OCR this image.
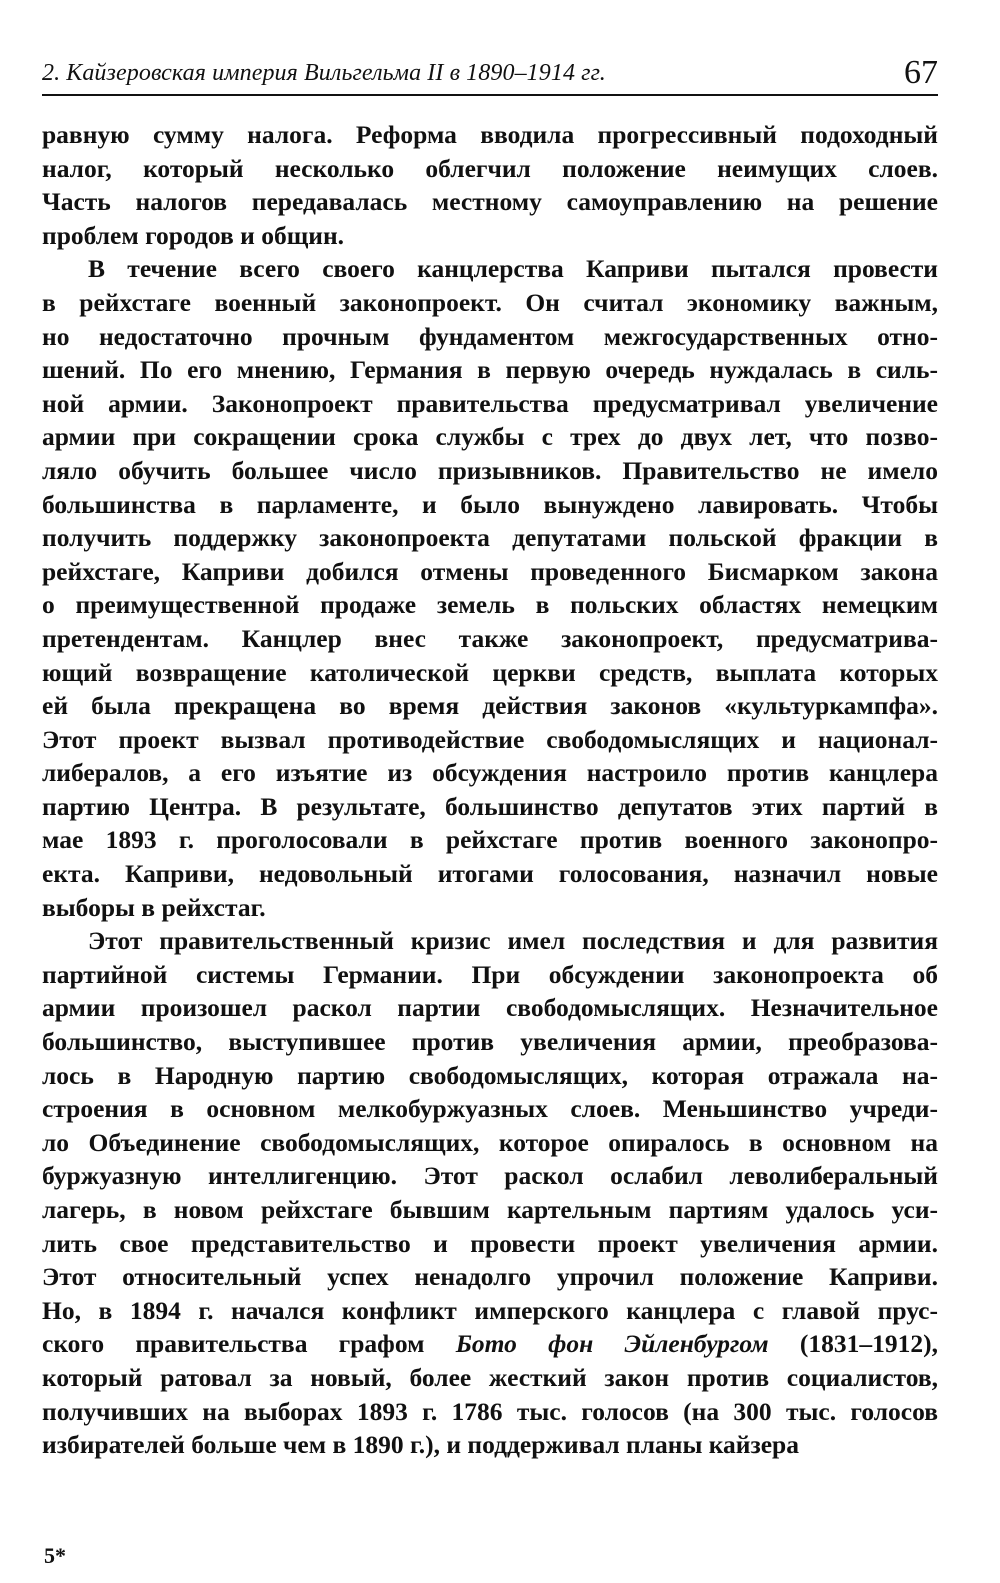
2. Кайзеровская империя Вильгельма II в 1890–1914 гг.	67
равную сумму налога. Реформа вводила прогрессивный подоходный
налог, который несколько облегчил положение неимущих слоев.
Часть налогов передавалась местному самоуправлению на решение
проблем городов и общин.
В течение всего своего канцлерства Каприви пытался провести
в рейхстаге военный законопроект. Он считал экономику важным,
но недостаточно прочным фундаментом межгосударственных отно-
шений. По его мнению, Германия в первую очередь нуждалась в силь-
ной армии. Законопроект правительства предусматривал увеличение
армии при сокращении срока службы с трех до двух лет, что позво-
ляло обучить большее число призывников. Правительство не имело
большинства в парламенте, и было вынуждено лавировать. Чтобы
получить поддержку законопроекта депутатами польской фракции в
рейхстаге, Каприви добился отмены проведенного Бисмарком закона
о преимущественной продаже земель в польских областях немецким
претендентам. Канцлер внес также законопроект, предусматрива-
ющий возвращение католической церкви средств, выплата которых
ей была прекращена во время действия законов «культуркампфа».
Этот проект вызвал противодействие свободомыслящих и национал-
либералов, а его изъятие из обсуждения настроило против канцлера
партию Центра. В результате, большинство депутатов этих партий в
мае 1893 г. проголосовали в рейхстаге против военного законопро-
екта. Каприви, недовольный итогами голосования, назначил новые
выборы в рейхстаг.
Этот правительственный кризис имел последствия и для развития
партийной системы Германии. При обсуждении законопроекта об
армии произошел раскол партии свободомыслящих. Незначительное
большинство, выступившее против увеличения армии, преобразова-
лось в Народную партию свободомыслящих, которая отражала на-
строения в основном мелкобуржуазных слоев. Меньшинство учреди-
ло Объединение свободомыслящих, которое опиралось в основном на
буржуазную интеллигенцию. Этот раскол ослабил леволиберальный
лагерь, в новом рейхстаге бывшим картельным партиям удалось уси-
лить свое представительство и провести проект увеличения армии.
Этот относительный успех ненадолго упрочил положение Каприви.
Но, в 1894 г. начался конфликт имперского канцлера с главой прус-
ского правительства графом Бото фон Эйленбургом (1831–1912),
который ратовал за новый, более жесткий закон против социалистов,
получивших на выборах 1893 г. 1786 тыс. голосов (на 300 тыс. голосов
избирателей больше чем в 1890 г.), и поддерживал планы кайзера
5*
